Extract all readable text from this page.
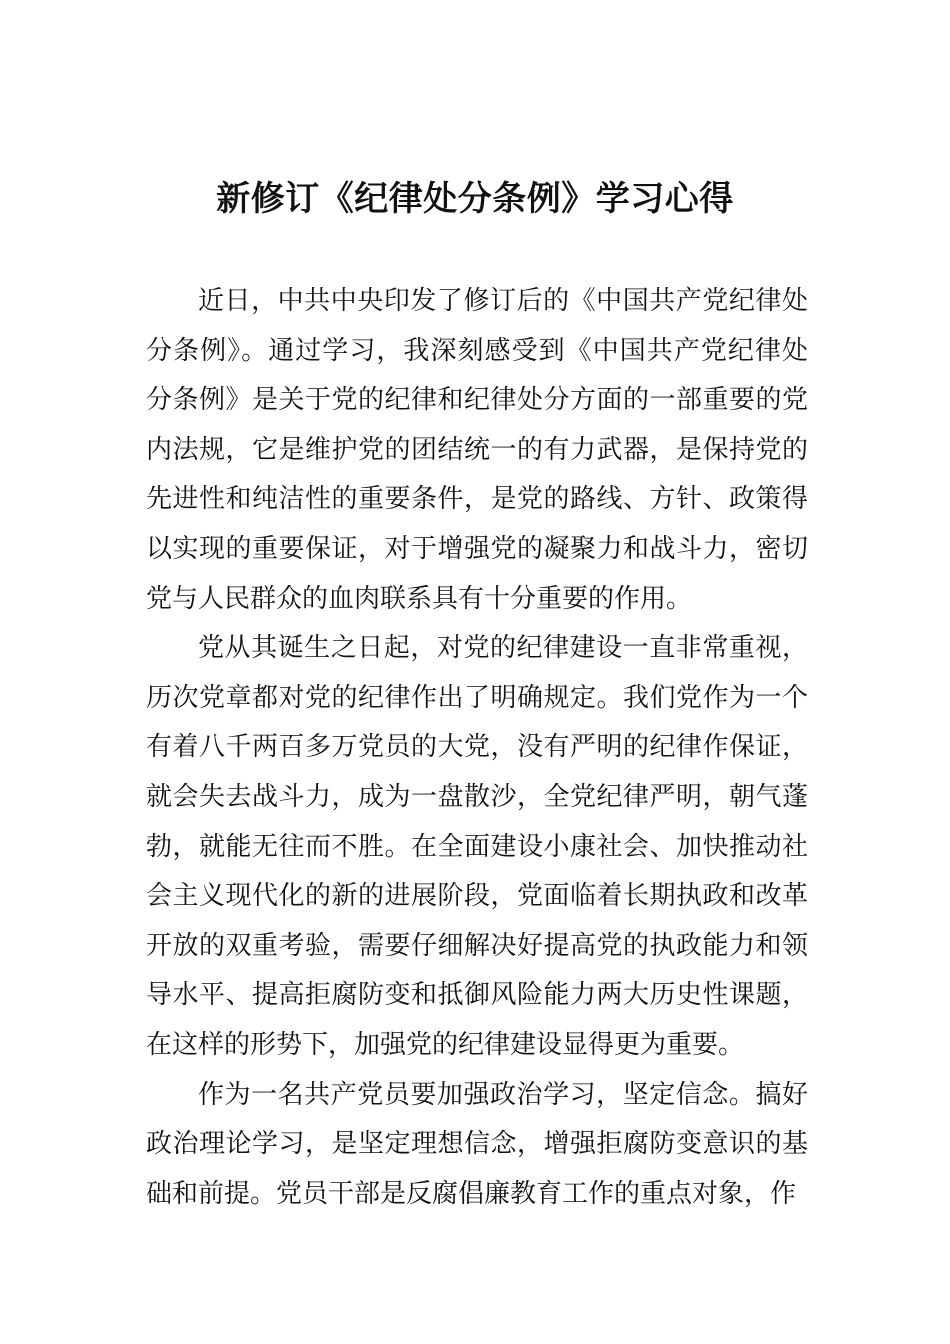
新修订《纪律处分条例》学习心得

近日，中共中央印发了修订后的《中国共产党纪律处分条例》。通过学习，我深刻感受到《中国共产党纪律处分条例》是关于党的纪律和纪律处分方面的一部重要的党内法规，它是维护党的团结统一的有力武器，是保持党的先进性和纯洁性的重要条件，是党的路线、方针、政策得以实现的重要保证，对于增强党的凝聚力和战斗力，密切党与人民群众的血肉联系具有十分重要的作用。

党从其诞生之日起，对党的纪律建设一直非常重视，历次党章都对党的纪律作出了明确规定。我们党作为一个有着八千两百多万党员的大党，没有严明的纪律作保证，就会失去战斗力，成为一盘散沙，全党纪律严明，朝气蓬勃，就能无往而不胜。在全面建设小康社会、加快推动社会主义现代化的新的进展阶段，党面临着长期执政和改革开放的双重考验，需要仔细解决好提高党的执政能力和领导水平、提高拒腐防变和抵御风险能力两大历史性课题，在这样的形势下，加强党的纪律建设显得更为重要。

作为一名共产党员要加强政治学习，坚定信念。搞好政治理论学习，是坚定理想信念，增强拒腐防变意识的基础和前提。党员干部是反腐倡廉教育工作的重点对象，作
